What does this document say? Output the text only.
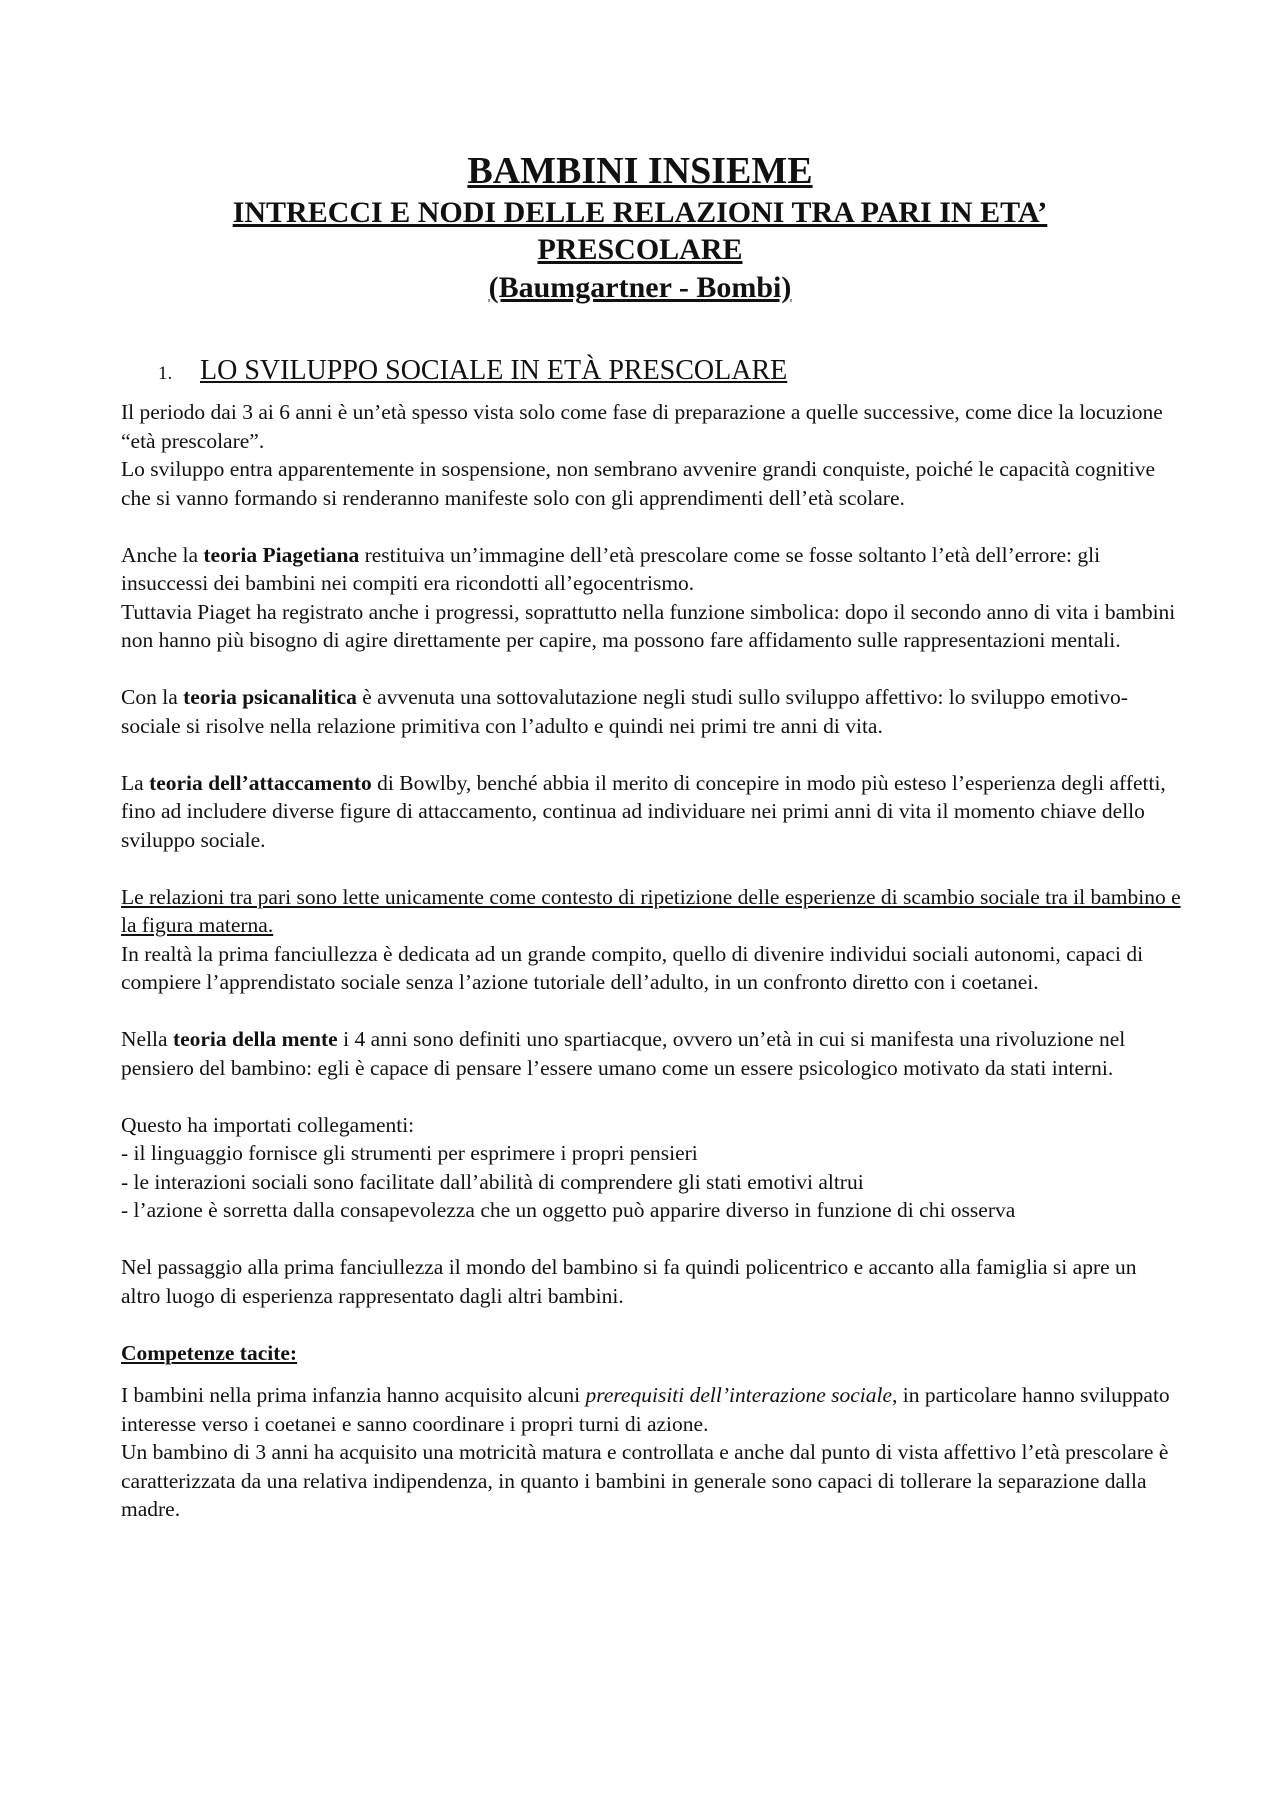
BAMBINI INSIEME

INTRECCI E NODI DELLE RELAZIONI TRA PARI IN ETA’

PRESCOLARE

(Baumgartner - Bombi)

1. LO SVILUPPO SOCIALE IN ETÀ PRESCOLARE

Il periodo dai 3 ai 6 anni è un’età spesso vista solo come fase di preparazione a quelle successive, come dice la locuzione “età prescolare”.

Lo sviluppo entra apparentemente in sospensione, non sembrano avvenire grandi conquiste, poiché le capacità cognitive che si vanno formando si renderanno manifeste solo con gli apprendimenti dell’età scolare.

Anche la teoria Piagetiana restituiva un’immagine dell’età prescolare come se fosse soltanto l’età dell’errore: gli insuccessi dei bambini nei compiti era ricondotti all’egocentrismo.

Tuttavia Piaget ha registrato anche i progressi, soprattutto nella funzione simbolica: dopo il secondo anno di vita i bambini non hanno più bisogno di agire direttamente per capire, ma possono fare affidamento sulle rappresentazioni mentali.

Con la teoria psicanalitica è avvenuta una sottovalutazione negli studi sullo sviluppo affettivo: lo sviluppo emotivo-sociale si risolve nella relazione primitiva con l’adulto e quindi nei primi tre anni di vita.

La teoria dell’attaccamento di Bowlby, benché abbia il merito di concepire in modo più esteso l’esperienza degli affetti, fino ad includere diverse figure di attaccamento, continua ad individuare nei primi anni di vita il momento chiave dello sviluppo sociale.

Le relazioni tra pari sono lette unicamente come contesto di ripetizione delle esperienze di scambio sociale tra il bambino e la figura materna.

In realtà la prima fanciullezza è dedicata ad un grande compito, quello di divenire individui sociali autonomi, capaci di compiere l’apprendistato sociale senza l’azione tutoriale dell’adulto, in un confronto diretto con i coetanei.

Nella teoria della mente i 4 anni sono definiti uno spartiacque, ovvero un’età in cui si manifesta una rivoluzione nel pensiero del bambino: egli è capace di pensare l’essere umano come un essere psicologico motivato da stati interni.

Questo ha importati collegamenti:

- il linguaggio fornisce gli strumenti per esprimere i propri pensieri

- le interazioni sociali sono facilitate dall’abilità di comprendere gli stati emotivi altrui

- l’azione è sorretta dalla consapevolezza che un oggetto può apparire diverso in funzione di chi osserva

Nel passaggio alla prima fanciullezza il mondo del bambino si fa quindi policentrico e accanto alla famiglia si apre un altro luogo di esperienza rappresentato dagli altri bambini.

Competenze tacite:

I bambini nella prima infanzia hanno acquisito alcuni prerequisiti dell’interazione sociale, in particolare hanno sviluppato interesse verso i coetanei e sanno coordinare i propri turni di azione.

Un bambino di 3 anni ha acquisito una motricità matura e controllata e anche dal punto di vista affettivo l’età prescolare è caratterizzata da una relativa indipendenza, in quanto i bambini in generale sono capaci di tollerare la separazione dalla madre.
